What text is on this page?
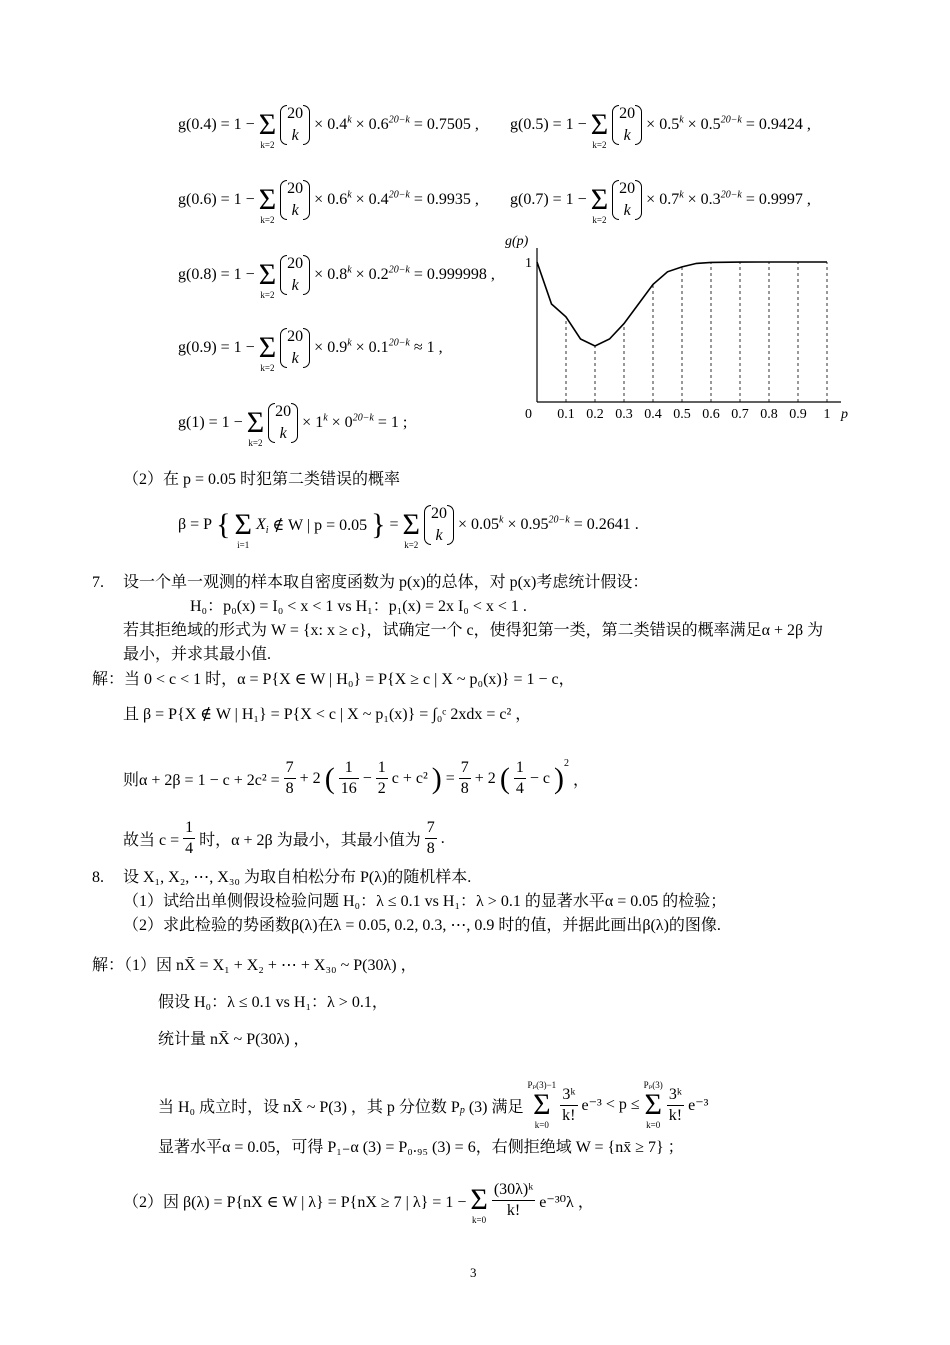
g(0.4) = 1 − Σ
k=2

20
k
× $0.4^k \times 0.6^{20-k} = 0.7505$ , g(0.5) = 1 − Σ
k=2

20
k
× $0.5^k \times 0.5^{20-k} = 0.9424$ ,
g(0.6) = 1 − Σ
k=2

20
k
× $0.6^k \times 0.4^{20-k} = 0.9935$ , g(0.7) = 1 − Σ
k=2

20
k
× $0.7^k \times 0.3^{20-k} = 0.9997$ ,
g(0.8) = 1 − Σ
k=2

20
k
× $0.8^k \times 0.2^{20-k} = 0.999998$ ,
g(0.9) = 1 − Σ
k=2

20
k
× $0.9^k \times 0.1^{20-k} \approx 1$ ,
g(1) = 1 − Σ
k=2

20
k
× $1^k \times 0^{20-k} = 1$ ;	0 0.1 0.2 0.3 0.4 0.5 0.6 0.7 0.8 0.9 1
1
g(p)
p
（2）在 p = 0.05 时犯第二类错误的概率
β = P { Σ
i=1
$X_i$ ∉ W | p = 0.05 } = Σ
k=2

20
k
× $0.05^k \times 0.95^{20-k} = 0.2641$ .
7. 设一个单一观测的样本取自密度函数为 p(x)的总体，对 p(x)考虑统计假设：
H₀：p₀(x) = I₀ < x < 1 vs H₁：p₁(x) = 2x I₀ < x < 1 .
若其拒绝域的形式为 W = {x: x ≥ c}，试确定一个 c，使得犯第一类，第二类错误的概率满足α + 2β 为
最小，并求其最小值.
解：当 0 < c < 1 时，α = P{X ∈ W | H₀} = P{X ≥ c | X ~ p₀(x)} = 1 − c，
且 β = P{X ∉ W | H₁} = P{X < c | X ~ p₁(x)} = ∫₀ᶜ 2xdx = c² ，
则$\alpha + 2\beta = 1 - c + 2c^2 = \frac{7}{8} + 2$ ( $\frac{1}{16} - \frac{1}{2}$ c + c² ) = $\frac{7}{8} + 2$ ( $\frac{1}{4} - c$ )$^2$ ，
故当 $c = \frac{1}{4}$ 时，α + 2β 为最小，其最小值为 $\frac{7}{8}$ .
8. 设 X₁, X₂, ⋯, X₃₀ 为取自柏松分布 P(λ)的随机样本.
（1）试给出单侧假设检验问题 H₀：λ ≤ 0.1 vs H₁：λ > 0.1 的显著水平α = 0.05 的检验；
（2）求此检验的势函数β(λ)在λ = 0.05, 0.2, 0.3, ⋯, 0.9 时的值，并据此画出β(λ)的图像.
解：（1）因 nX̄ = X₁ + X₂ + ⋯ + X₃₀ ~ P(30λ) ，
假设 H₀：λ ≤ 0.1 vs H₁：λ > 0.1，
统计量 nX̄ ~ P(30λ) ，
当 H₀ 成立时，设 nX̄ ~ P(3) ，其 p 分位数 $P_p$ (3) 满足
Pₚ(3)−1
Σ
k=0
$\frac{\text{3ᵏ}}{k!} e^{-3} < p$ ≤
Pₚ(3)
Σ
k=0
$\frac{\text{3ᵏ}}{k!} e^{-3}$
显著水平α = 0.05，可得 P₁₋α (3) = P₀.₉₅ (3) = 6，右侧拒绝域 W = {nx̄ ≥ 7} ；
（2）因 β(λ) = P{nX ∈ W | λ} = P{nX ≥ 7 | λ} = 1 − Σ
k=0
$\frac{\text{(30λ)ᵏ}}{k!} e^{-30}\lambda$ ，
3
